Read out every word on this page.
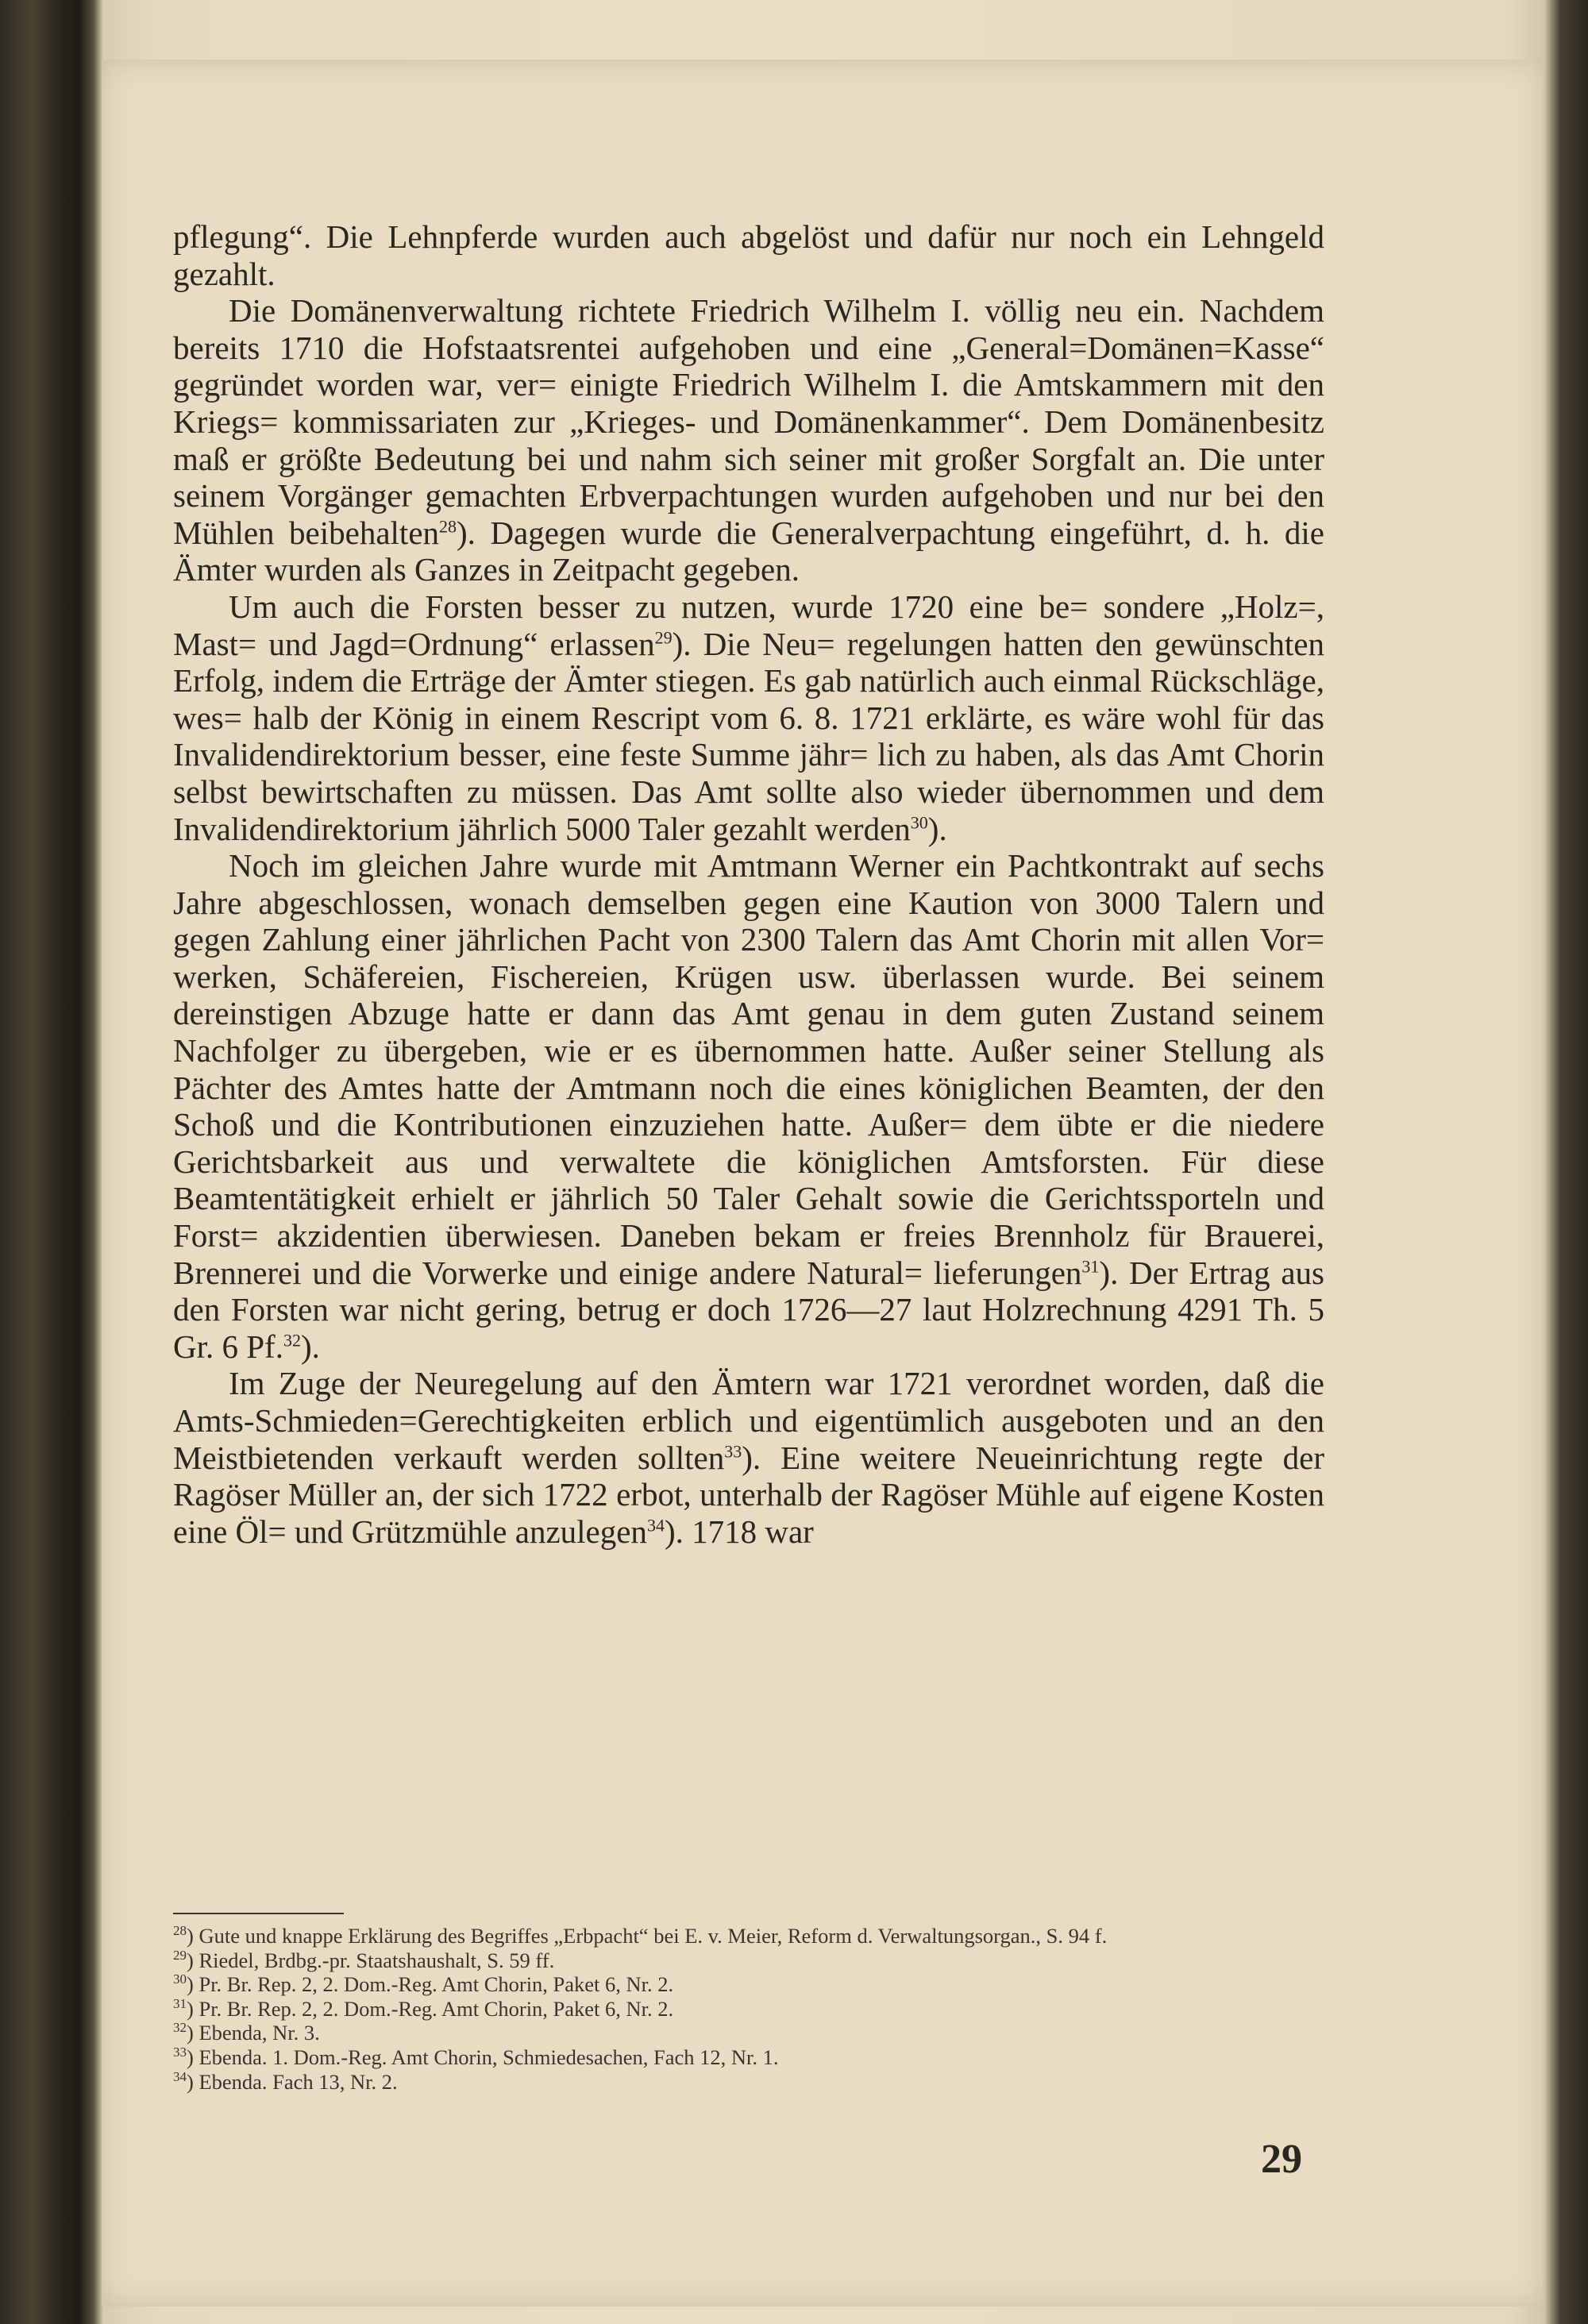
pflegung“. Die Lehnpferde wurden auch abgelöst und dafür nur noch ein Lehngeld gezahlt.

Die Domänenverwaltung richtete Friedrich Wilhelm I. völlig neu ein. Nachdem bereits 1710 die Hofstaatsrentei aufgehoben und eine „General=Domänen=Kasse“ gegründet worden war, ver= einigte Friedrich Wilhelm I. die Amtskammern mit den Kriegs= kommissariaten zur „Krieges- und Domänenkammer“. Dem Domänenbesitz maß er größte Bedeutung bei und nahm sich seiner mit großer Sorgfalt an. Die unter seinem Vorgänger gemachten Erbverpachtungen wurden aufgehoben und nur bei den Mühlen beibehalten$^{28}$). Dagegen wurde die Generalverpachtung eingeführt, d. h. die Ämter wurden als Ganzes in Zeitpacht gegeben.

Um auch die Forsten besser zu nutzen, wurde 1720 eine be= sondere „Holz=, Mast= und Jagd=Ordnung“ erlassen$^{29}$). Die Neu= regelungen hatten den gewünschten Erfolg, indem die Erträge der Ämter stiegen. Es gab natürlich auch einmal Rückschläge, wes= halb der König in einem Rescript vom 6. 8. 1721 erklärte, es wäre wohl für das Invalidendirektorium besser, eine feste Summe jähr= lich zu haben, als das Amt Chorin selbst bewirtschaften zu müssen. Das Amt sollte also wieder übernommen und dem Invalidendirektorium jährlich 5000 Taler gezahlt werden$^{30}$).

Noch im gleichen Jahre wurde mit Amtmann Werner ein Pachtkontrakt auf sechs Jahre abgeschlossen, wonach demselben gegen eine Kaution von 3000 Talern und gegen Zahlung einer jährlichen Pacht von 2300 Talern das Amt Chorin mit allen Vor= werken, Schäfereien, Fischereien, Krügen usw. überlassen wurde. Bei seinem dereinstigen Abzuge hatte er dann das Amt genau in dem guten Zustand seinem Nachfolger zu übergeben, wie er es übernommen hatte. Außer seiner Stellung als Pächter des Amtes hatte der Amtmann noch die eines königlichen Beamten, der den Schoß und die Kontributionen einzuziehen hatte. Außer= dem übte er die niedere Gerichtsbarkeit aus und verwaltete die königlichen Amtsforsten. Für diese Beamtentätigkeit erhielt er jährlich 50 Taler Gehalt sowie die Gerichtssporteln und Forst= akzidentien überwiesen. Daneben bekam er freies Brennholz für Brauerei, Brennerei und die Vorwerke und einige andere Natural= lieferungen$^{31}$). Der Ertrag aus den Forsten war nicht gering, betrug er doch 1726—27 laut Holzrechnung 4291 Th. 5 Gr. 6 Pf.$^{32}$).

Im Zuge der Neuregelung auf den Ämtern war 1721 verordnet worden, daß die Amts-Schmieden=Gerechtigkeiten erblich und eigentümlich ausgeboten und an den Meistbietenden verkauft werden sollten$^{33}$). Eine weitere Neueinrichtung regte der Ragöser Müller an, der sich 1722 erbot, unterhalb der Ragöser Mühle auf eigene Kosten eine Öl= und Grützmühle anzulegen$^{34}$). 1718 war

$^{28}$) Gute und knappe Erklärung des Begriffes „Erbpacht“ bei E. v. Meier, Reform d. Verwaltungsorgan., S. 94 f.

$^{29}$) Riedel, Brdbg.-pr. Staatshaushalt, S. 59 ff.

$^{30}$) Pr. Br. Rep. 2, 2. Dom.-Reg. Amt Chorin, Paket 6, Nr. 2.

$^{31}$) Pr. Br. Rep. 2, 2. Dom.-Reg. Amt Chorin, Paket 6, Nr. 2.

$^{32}$) Ebenda, Nr. 3.

$^{33}$) Ebenda. 1. Dom.-Reg. Amt Chorin, Schmiedesachen, Fach 12, Nr. 1.

$^{34}$) Ebenda. Fach 13, Nr. 2.

29
